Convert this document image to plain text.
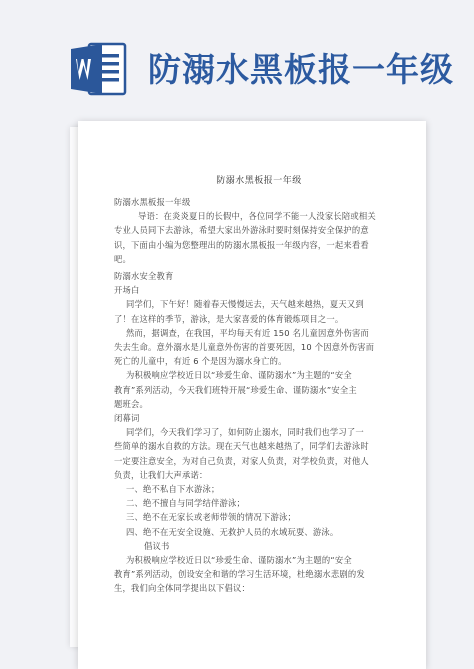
防溺水黑板报一年级
防溺水黑板报一年级
防溺水黑板报一年级
导语：在炎炎夏日的长假中，各位同学不能一人没家长陪或相关
专业人员同下去游泳，希望大家出外游泳时要时刻保持安全保护的意
识，下面由小编为您整理出的防溺水黑板报一年级内容，一起来看看
吧。
防溺水安全教育
开场白
同学们，下午好！随着春天慢慢远去，天气越来越热，夏天又到
了！在这样的季节，游泳，是大家喜爱的体育锻炼项目之一。
然而，据调查，在我国，平均每天有近 150 名儿童因意外伤害而
失去生命。意外溺水是儿童意外伤害的首要死因，10 个因意外伤害而
死亡的儿童中，有近 6 个是因为溺水身亡的。
为积极响应学校近日以“珍爱生命、谨防溺水”为主题的“安全
教育”系列活动，今天我们班特开展“珍爱生命、谨防溺水”安全主
题班会。
闭幕词
同学们，今天我们学习了，如何防止溺水，同时我们也学习了一
些简单的溺水自救的方法。现在天气也越来越热了，同学们去游泳时
一定要注意安全，为对自己负责，对家人负责，对学校负责，对他人
负责，让我们大声承诺：
一、绝不私自下水游泳；
二、绝不擅自与同学结伴游泳；
三、绝不在无家长或老师带领的情况下游泳；
四、绝不在无安全设施、无救护人员的水域玩耍、游泳。
倡议书
为积极响应学校近日以“珍爱生命、谨防溺水”为主题的“安全
教育”系列活动，创设安全和谐的学习生活环境，杜绝溺水悲剧的发
生，我们向全体同学提出以下倡议：
